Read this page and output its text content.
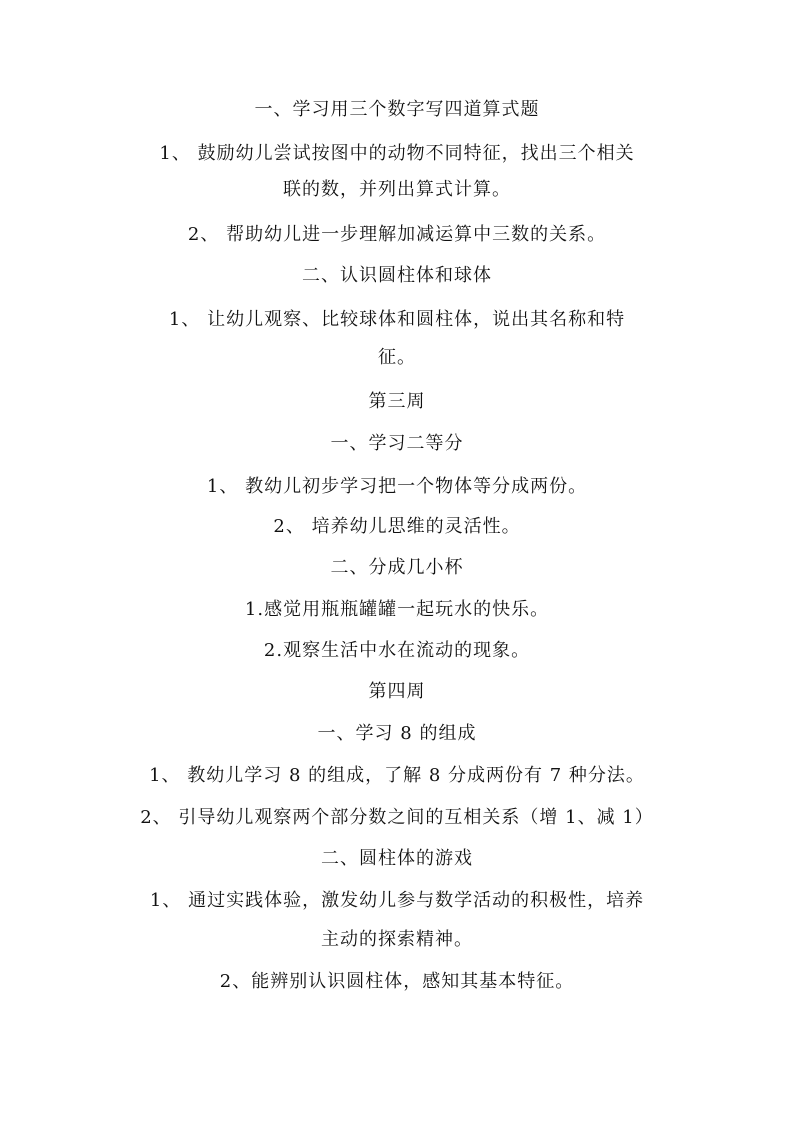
一、学习用三个数字写四道算式题
1、 鼓励幼儿尝试按图中的动物不同特征，找出三个相关
联的数，并列出算式计算。
2、 帮助幼儿进一步理解加减运算中三数的关系。
二、认识圆柱体和球体
1、 让幼儿观察、比较球体和圆柱体，说出其名称和特
征。
第三周
一、学习二等分
1、 教幼儿初步学习把一个物体等分成两份。
2、 培养幼儿思维的灵活性。
二、分成几小杯
1.感觉用瓶瓶罐罐一起玩水的快乐。
2.观察生活中水在流动的现象。
第四周
一、学习 8 的组成
1、 教幼儿学习 8 的组成，了解 8 分成两份有 7 种分法。
2、 引导幼儿观察两个部分数之间的互相关系（增 1、减 1）
二、圆柱体的游戏
1、 通过实践体验，激发幼儿参与数学活动的积极性，培养
主动的探索精神。
2、能辨别认识圆柱体，感知其基本特征。
